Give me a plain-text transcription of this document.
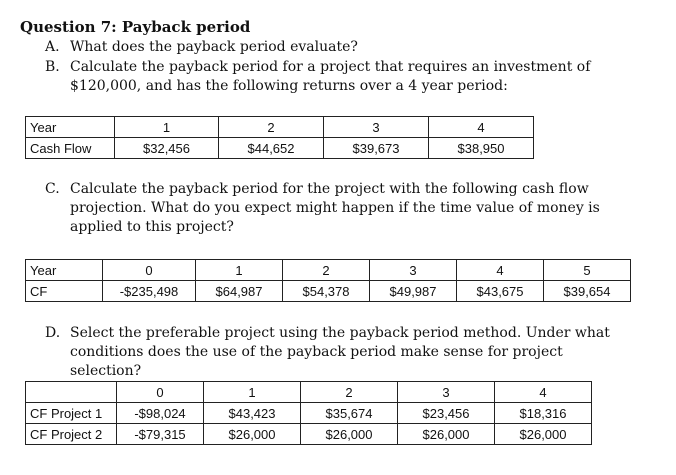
Question 7: Payback period
A. What does the payback period evaluate?
B. Calculate the payback period for a project that requires an investment of
$120,000, and has the following returns over a 4 year period:
Year	1	2	3	4
Cash Flow	$32,456	$44,652	$39,673	$38,950
C. Calculate the payback period for the project with the following cash flow
projection. What do you expect might happen if the time value of money is
applied to this project?
Year	0	1	2	3	4	5
CF	-$235,498	$64,987	$54,378	$49,987	$43,675	$39,654
D. Select the preferable project using the payback period method. Under what
conditions does the use of the payback period make sense for project
selection?
	0	1	2	3	4
CF Project 1	-$98,024	$43,423	$35,674	$23,456	$18,316
CF Project 2	-$79,315	$26,000	$26,000	$26,000	$26,000
